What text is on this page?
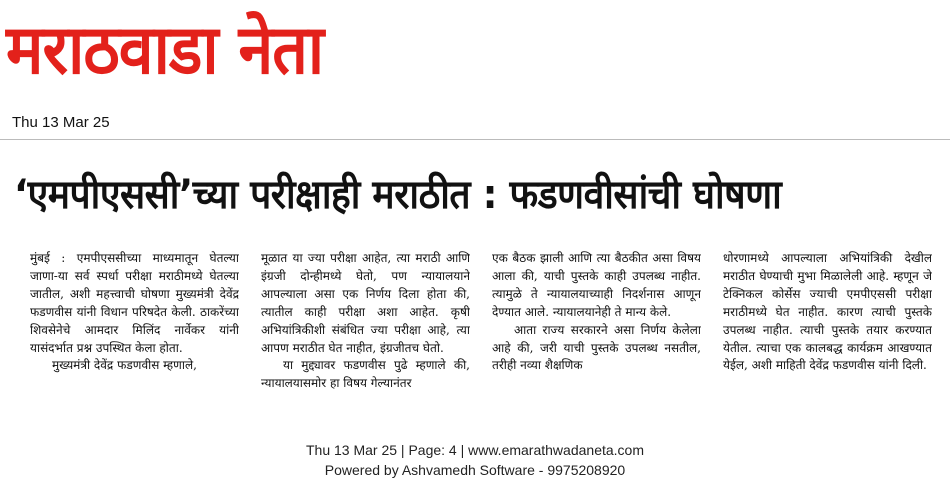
मराठवाडा नेता
Thu 13 Mar 25
‘एमपीएससी’च्या परीक्षाही मराठीत : फडणवीसांची घोषणा

मुंबई : एमपीएससीच्या माध्यमातून घेतल्या जाणा-या सर्व स्पर्धा परीक्षा मराठीमध्ये घेतल्या जातील, अशी महत्त्वाची घोषणा मुख्यमंत्री देवेंद्र फडणवीस यांनी विधान परिषदेत केली. ठाकरेंच्या शिवसेनेचे आमदार मिलिंद नार्वेकर यांनी यासंदर्भात प्रश्न उपस्थित केला होता.

मुख्यमंत्री देवेंद्र फडणवीस म्हणाले,

मूळात या ज्या परीक्षा आहेत, त्या मराठी आणि इंग्रजी दोन्हीमध्ये घेतो, पण न्यायालयाने आपल्याला असा एक निर्णय दिला होता की, त्यातील काही परीक्षा अशा आहेत. कृषी अभियांत्रिकीशी संबंधित ज्या परीक्षा आहे, त्या आपण मराठीत घेत नाहीत, इंग्रजीतच घेतो.

या मुद्द्यावर फडणवीस पुढे म्हणाले की, न्यायालयासमोर हा विषय गेल्यानंतर

एक बैठक झाली आणि त्या बैठकीत असा विषय आला की, याची पुस्तके काही उपलब्ध नाहीत. त्यामुळे ते न्यायालयाच्याही निदर्शनास आणून देण्यात आले. न्यायालयानेही ते मान्य केले.

आता राज्य सरकारने असा निर्णय केलेला आहे की, जरी याची पुस्तके उपलब्ध नसतील, तरीही नव्या शैक्षणिक

धोरणामध्ये आपल्याला अभियांत्रिकी देखील मराठीत घेण्याची मुभा मिळालेली आहे. म्हणून जे टेक्निकल कोर्सेस ज्याची एमपीएससी परीक्षा मराठीमध्ये घेत नाहीत. कारण त्याची पुस्तके उपलब्ध नाहीत. त्याची पुस्तके तयार करण्यात येतील. त्याचा एक कालबद्ध कार्यक्रम आखण्यात येईल, अशी माहिती देवेंद्र फडणवीस यांनी दिली.

Thu 13 Mar 25 | Page: 4 | www.emarathwadaneta.com
Powered by Ashvamedh Software - 9975208920
